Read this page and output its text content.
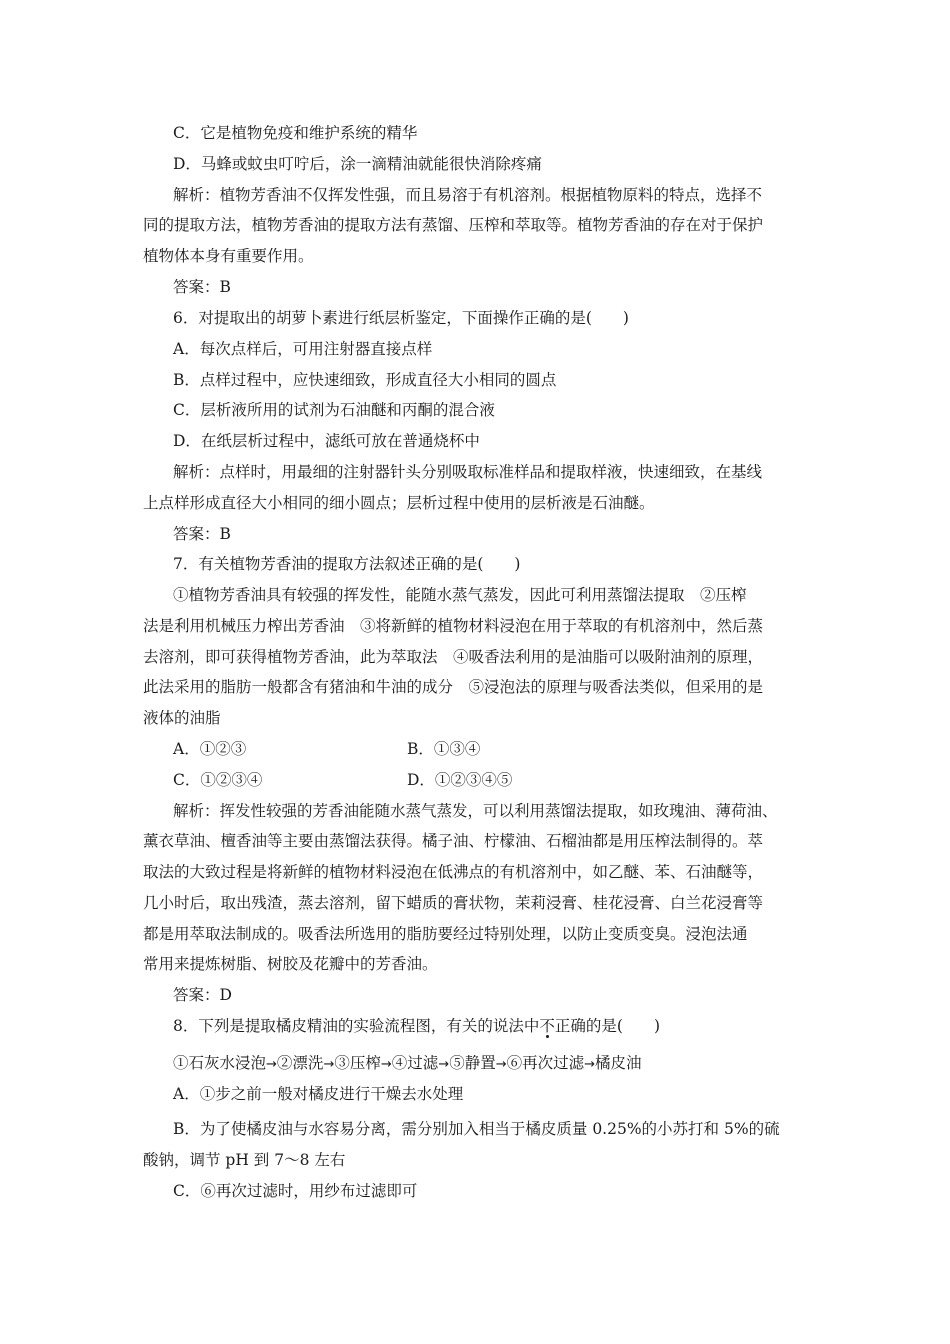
C．它是植物免疫和维护系统的精华
D．马蜂或蚊虫叮咛后，涂一滴精油就能很快消除疼痛
解析：植物芳香油不仅挥发性强，而且易溶于有机溶剂。根据植物原料的特点，选择不
同的提取方法，植物芳香油的提取方法有蒸馏、压榨和萃取等。植物芳香油的存在对于保护
植物体本身有重要作用。
答案：B
6．对提取出的胡萝卜素进行纸层析鉴定，下面操作正确的是(　　)
A．每次点样后，可用注射器直接点样
B．点样过程中，应快速细致，形成直径大小相同的圆点
C．层析液所用的试剂为石油醚和丙酮的混合液
D．在纸层析过程中，滤纸可放在普通烧杯中
解析：点样时，用最细的注射器针头分别吸取标准样品和提取样液，快速细致，在基线
上点样形成直径大小相同的细小圆点；层析过程中使用的层析液是石油醚。
答案：B
7．有关植物芳香油的提取方法叙述正确的是(　　)
①植物芳香油具有较强的挥发性，能随水蒸气蒸发，因此可利用蒸馏法提取　②压榨
法是利用机械压力榨出芳香油　③将新鲜的植物材料浸泡在用于萃取的有机溶剂中，然后蒸
去溶剂，即可获得植物芳香油，此为萃取法　④吸香法利用的是油脂可以吸附油剂的原理，
此法采用的脂肪一般都含有猪油和牛油的成分　⑤浸泡法的原理与吸香法类似，但采用的是
液体的油脂
A．①②③	B．①③④
C．①②③④	D．①②③④⑤
解析：挥发性较强的芳香油能随水蒸气蒸发，可以利用蒸馏法提取，如玫瑰油、薄荷油、
薰衣草油、檀香油等主要由蒸馏法获得。橘子油、柠檬油、石榴油都是用压榨法制得的。萃
取法的大致过程是将新鲜的植物材料浸泡在低沸点的有机溶剂中，如乙醚、苯、石油醚等，
几小时后，取出残渣，蒸去溶剂，留下蜡质的膏状物，茉莉浸膏、桂花浸膏、白兰花浸膏等
都是用萃取法制成的。吸香法所选用的脂肪要经过特别处理，以防止变质变臭。浸泡法通
常用来提炼树脂、树胶及花瓣中的芳香油。
答案：D
8．下列是提取橘皮精油的实验流程图，有关的说法中不正确的是(　　)
①石灰水浸泡→②漂洗→③压榨→④过滤→⑤静置→⑥再次过滤→橘皮油
A．①步之前一般对橘皮进行干燥去水处理
B．为了使橘皮油与水容易分离，需分别加入相当于橘皮质量 0.25%的小苏打和 5%的硫
酸钠，调节 pH 到 7～8 左右
C．⑥再次过滤时，用纱布过滤即可
